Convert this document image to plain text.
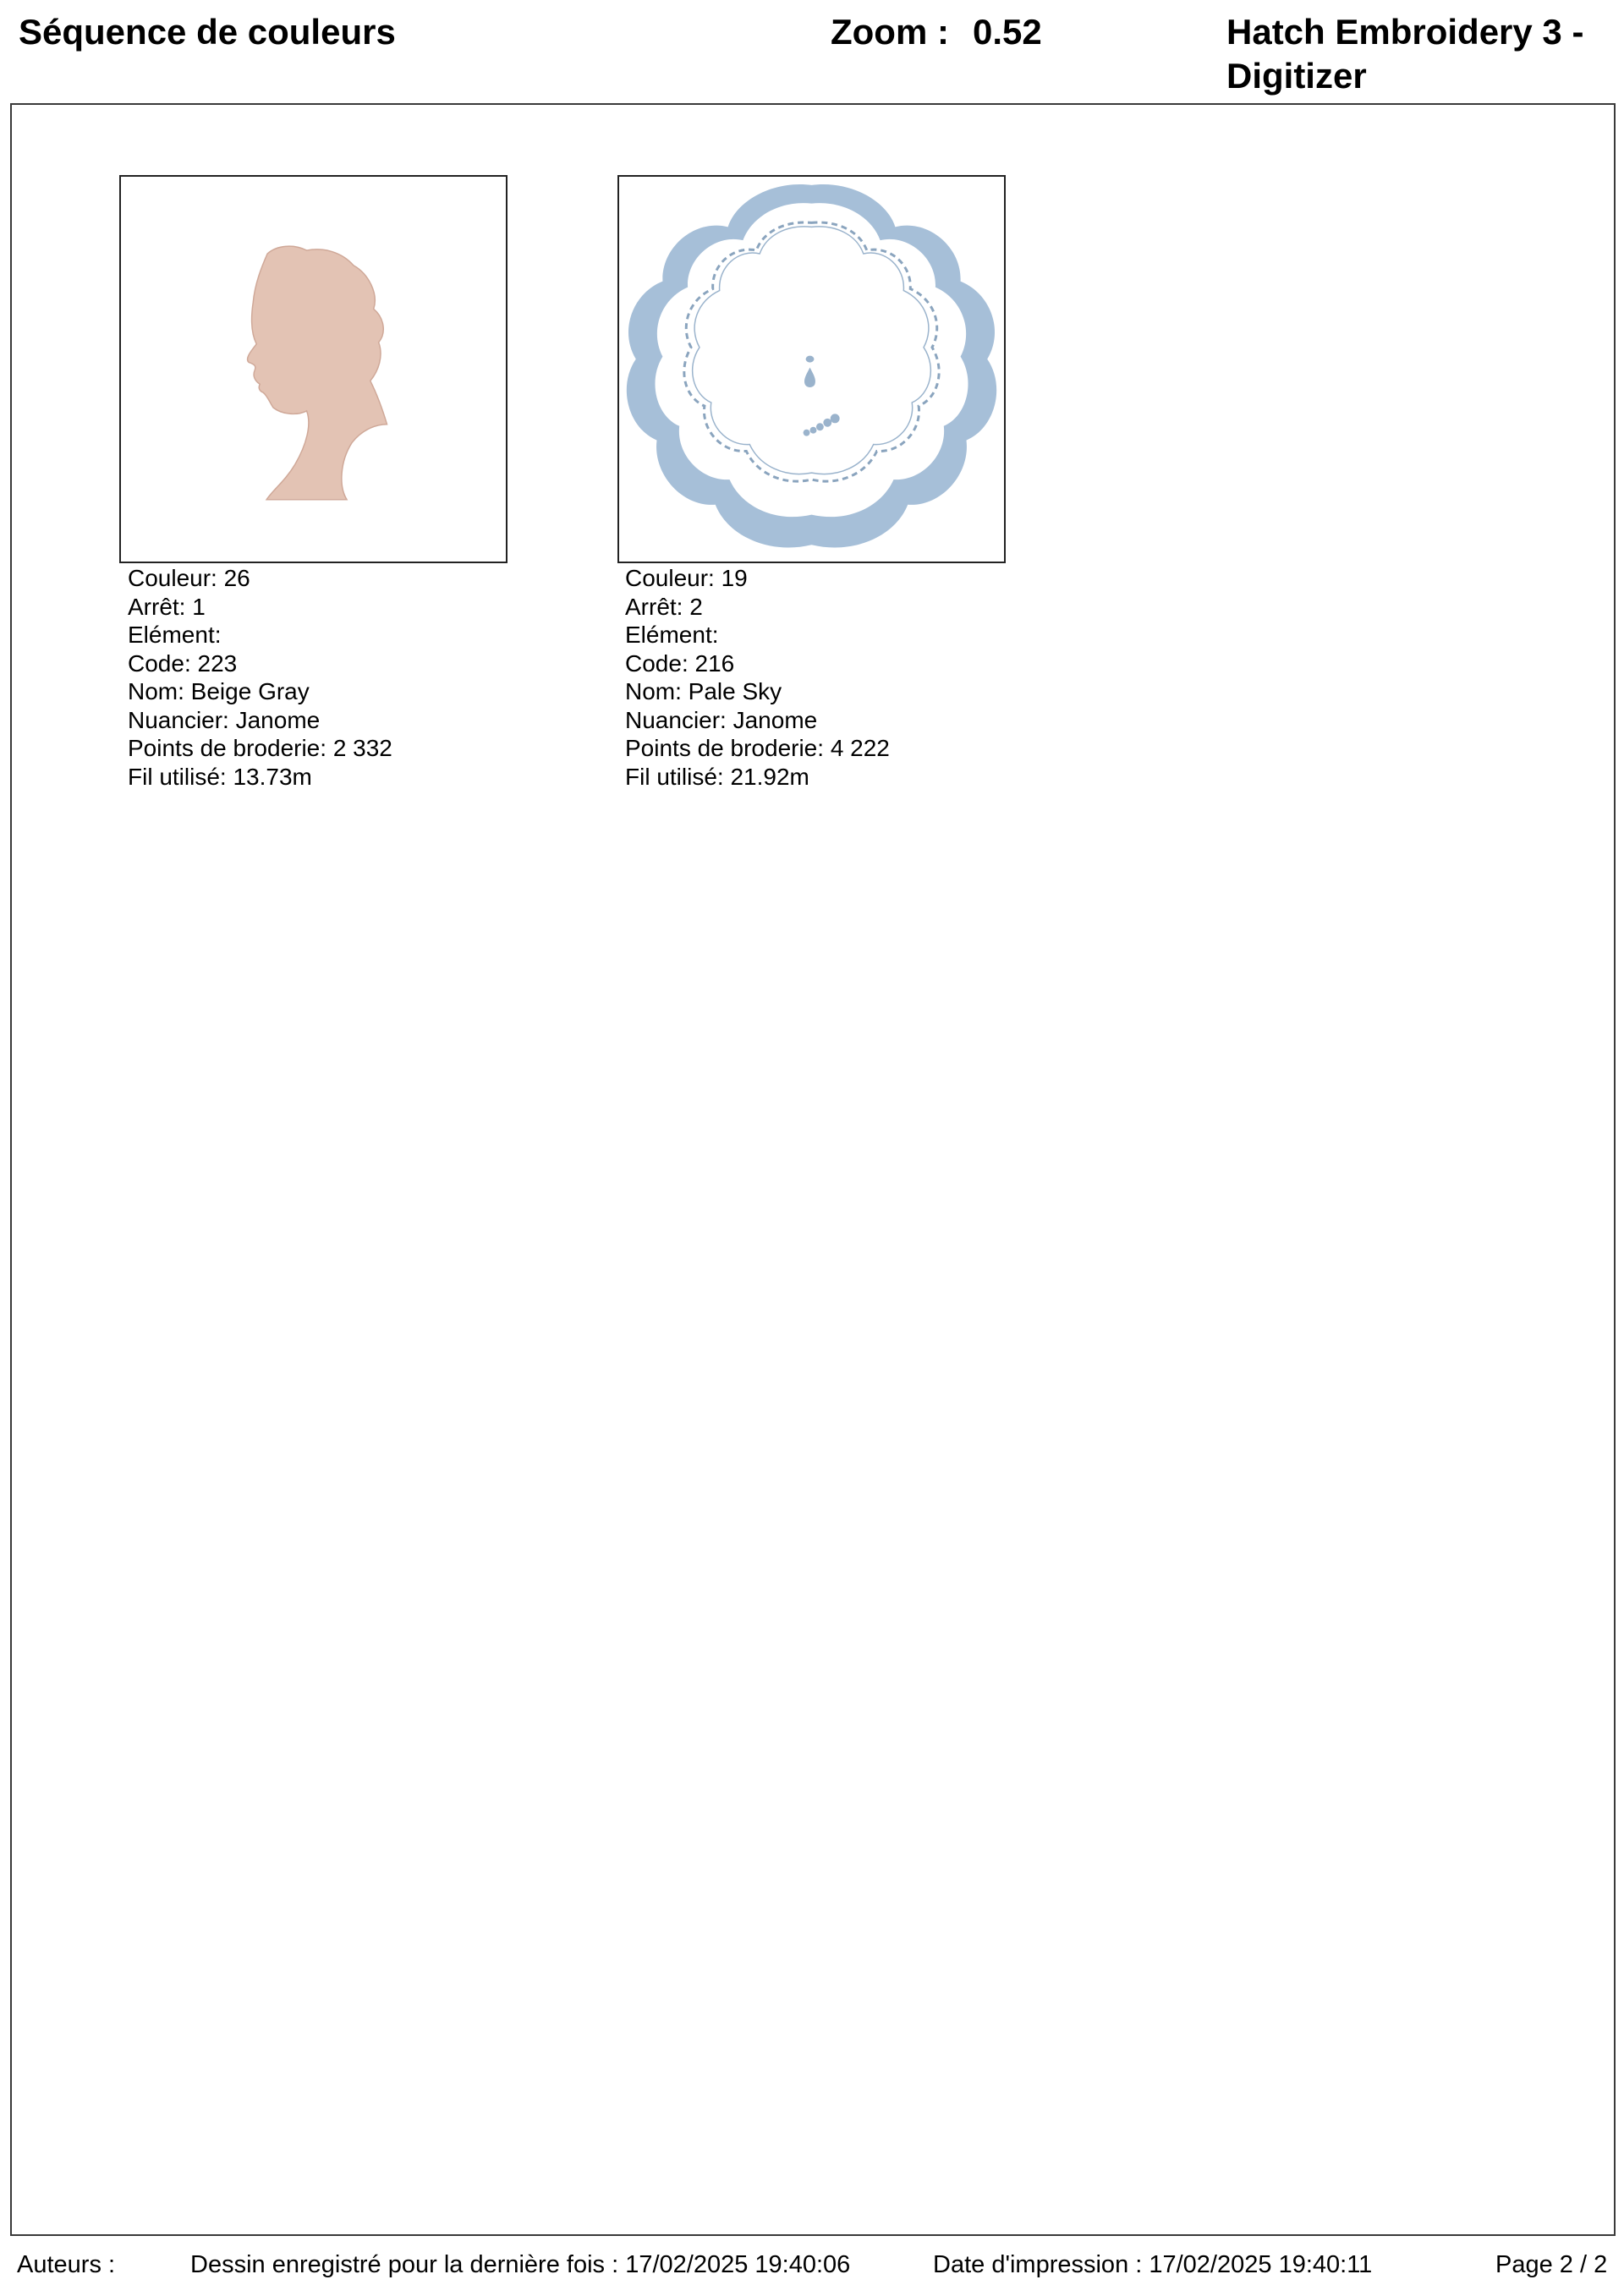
Séquence de couleurs	Zoom : 0.52	Hatch Embroidery 3 -
Digitizer
Couleur: 26
Arrêt: 1
Elément:
Code: 223
Nom: Beige Gray
Nuancier: Janome
Points de broderie: 2 332
Fil utilisé: 13.73m
Couleur: 19
Arrêt: 2
Elément:
Code: 216
Nom: Pale Sky
Nuancier: Janome
Points de broderie: 4 222
Fil utilisé: 21.92m
Auteurs :	Dessin enregistré pour la dernière fois : 17/02/2025 19:40:06	Date d'impression : 17/02/2025 19:40:11	Page 2 / 2
